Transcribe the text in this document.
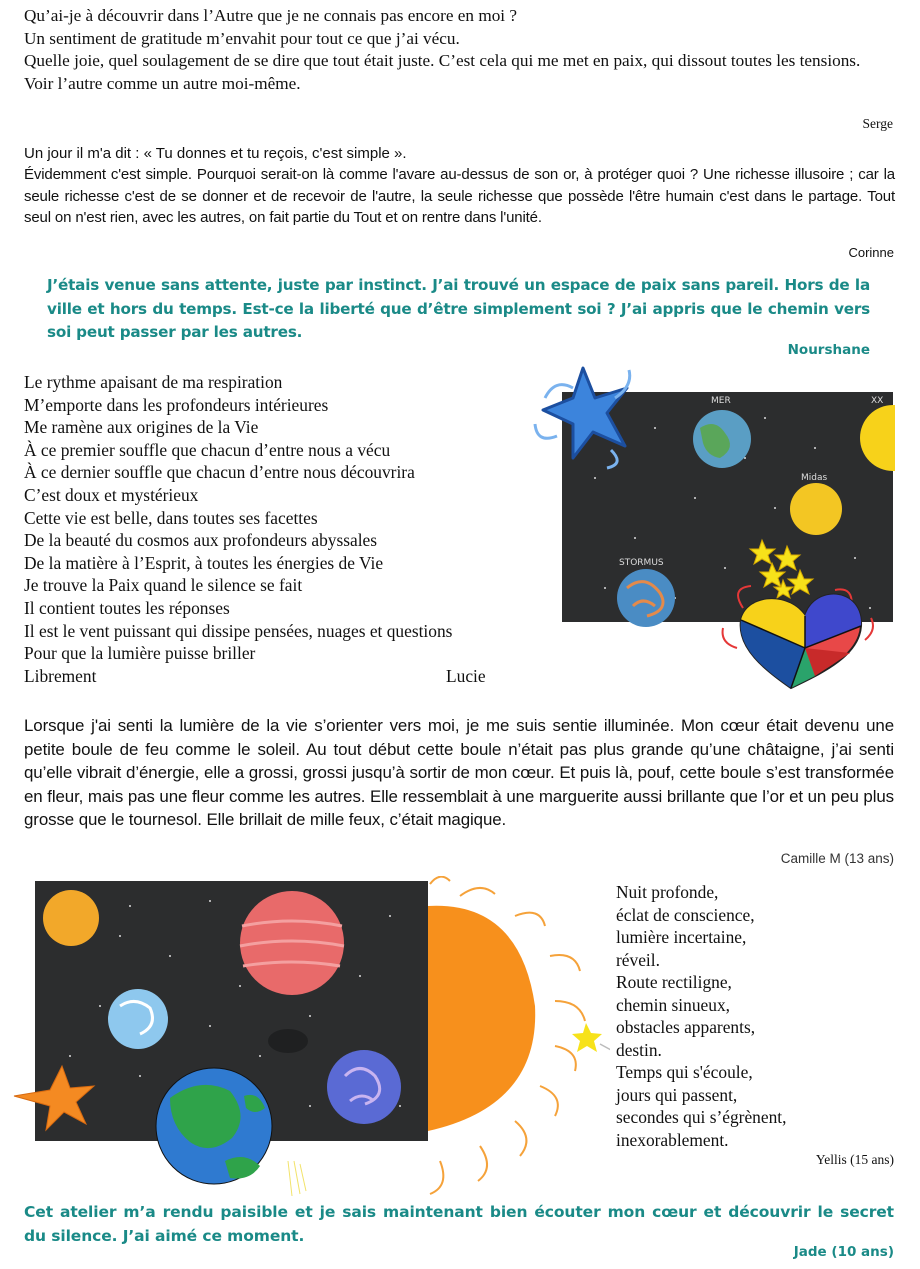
Qu’ai-je à découvrir dans l’Autre que je ne connais pas encore en moi ?

Un sentiment de gratitude m’envahit pour tout ce que j’ai vécu.

Quelle joie, quel soulagement de se dire que tout était juste. C’est cela qui me met en paix, qui dissout toutes les tensions.

Voir l’autre comme un autre moi-même.

Serge

Un jour il m'a dit : « Tu donnes et tu reçois, c'est simple ».

Évidemment c'est simple. Pourquoi serait-on là comme l'avare au-dessus de son or, à protéger quoi ? Une richesse illusoire ; car la seule richesse c'est de se donner et de recevoir de l'autre, la seule richesse que possède l'être humain c'est dans le partage. Tout seul on n'est rien, avec les autres, on fait partie du Tout et on rentre dans l'unité.

Corinne
J’étais venue sans attente, juste par instinct. J’ai trouvé un espace de paix sans pareil. Hors de la ville et hors du temps. Est-ce la liberté que d’être simplement soi ? J’ai appris que le chemin vers soi peut passer par les autres.
Nourshane
Le rythme apaisant de ma respiration
M’emporte dans les profondeurs intérieures
Me ramène aux origines de la Vie
À ce premier souffle que chacun d’entre nous a vécu
À ce dernier souffle que chacun d’entre nous découvrira
C’est doux et mystérieux
Cette vie est belle, dans toutes ses facettes
De la beauté du cosmos aux profondeurs abyssales
De la matière à l’Esprit, à toutes les énergies de Vie
Je trouve la Paix quand le silence se fait
Il contient toutes les réponses
Il est le vent puissant qui dissipe pensées, nuages et questions
Pour que la lumière puisse briller
Librement	Lucie
MER	XX
Midas
STORMUS
Lorsque j'ai senti la lumière de la vie s’orienter vers moi, je me suis sentie illuminée. Mon cœur était devenu une petite boule de feu comme le soleil. Au tout début cette boule n’était pas plus grande qu’une châtaigne, j’ai senti qu’elle vibrait d’énergie, elle a grossi, grossi jusqu’à sortir de mon cœur. Et puis là, pouf, cette boule s’est transformée en fleur, mais pas une fleur comme les autres. Elle ressemblait à une marguerite aussi brillante que l’or et un peu plus grosse que le tournesol. Elle brillait de mille feux, c’était magique.
Camille M (13 ans)
Nuit profonde,
éclat de conscience,
lumière incertaine,
réveil.
Route rectiligne,
chemin sinueux,
obstacles apparents,
destin.
Temps qui s'écoule,
jours qui passent,
secondes qui s’égrènent,
inexorablement.
Yellis (15 ans)
Cet atelier m’a rendu paisible et je sais maintenant bien écouter mon cœur et découvrir le secret du silence. J’ai aimé ce moment.
Jade (10 ans)
